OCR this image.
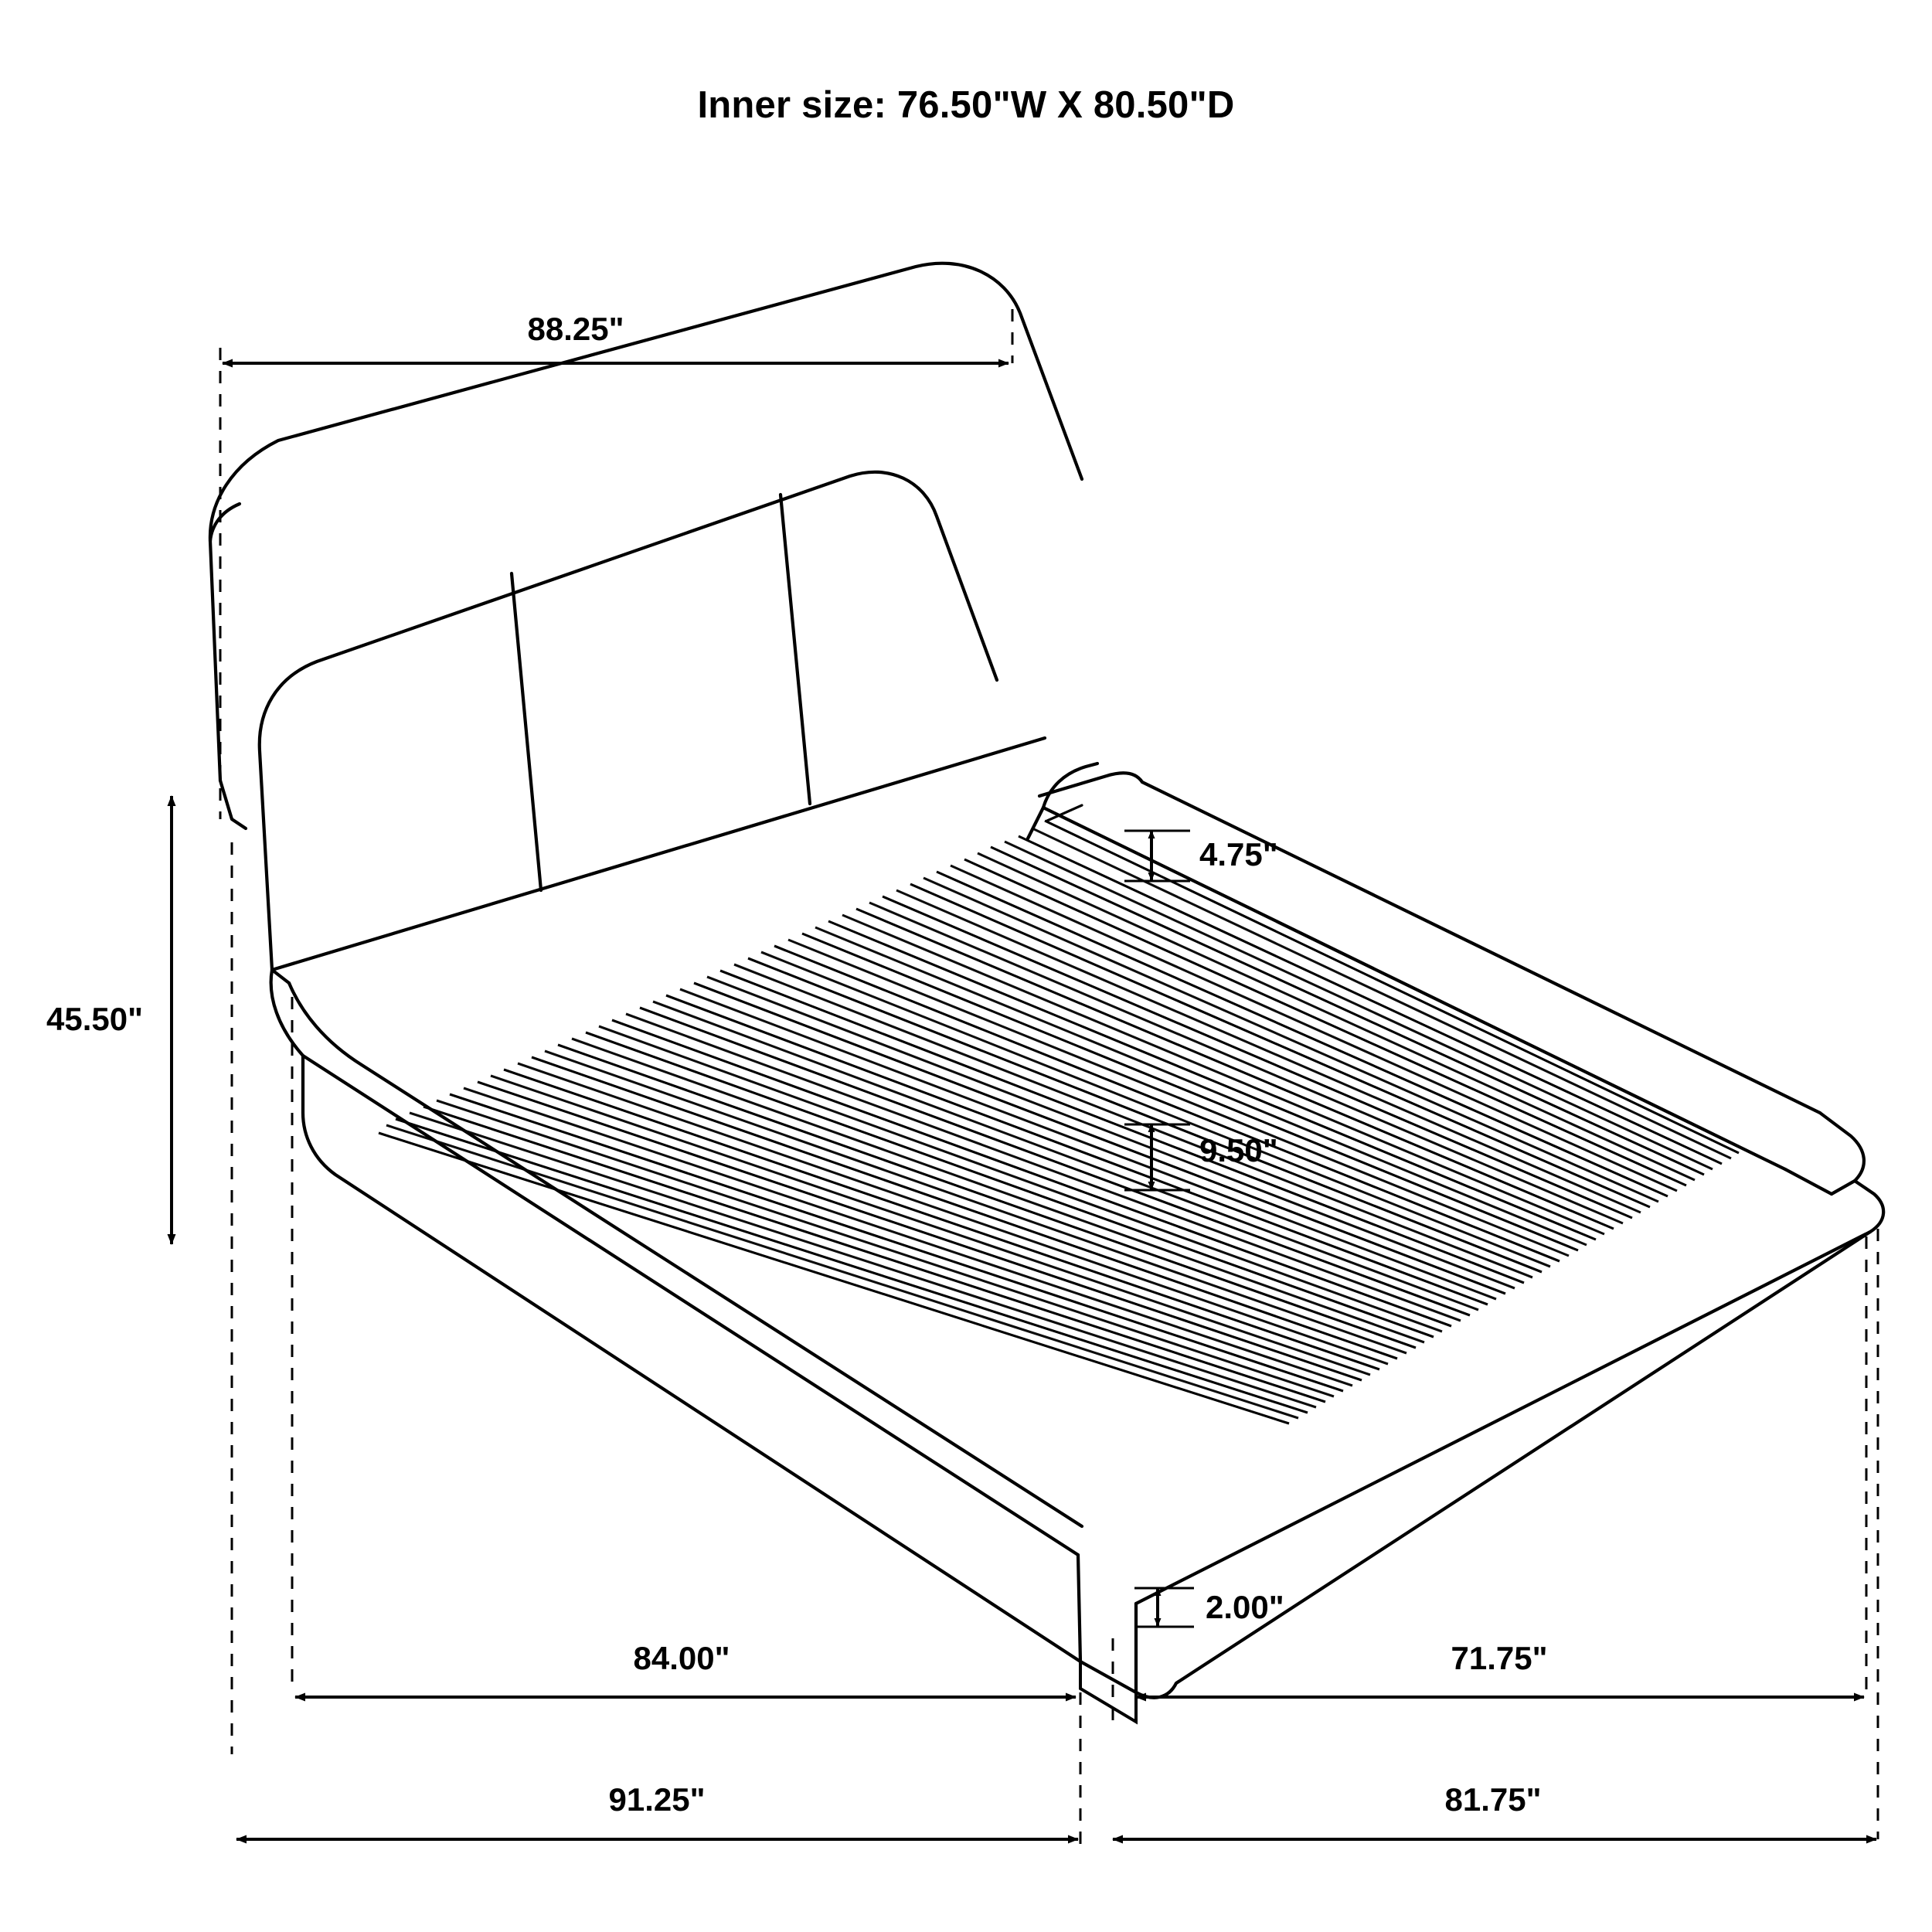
Inner size: 76.50"W X 80.50"D
88.25"
45.50"
4.75"
9.50"
2.00"
84.00"	71.75"
91.25"	81.75"
